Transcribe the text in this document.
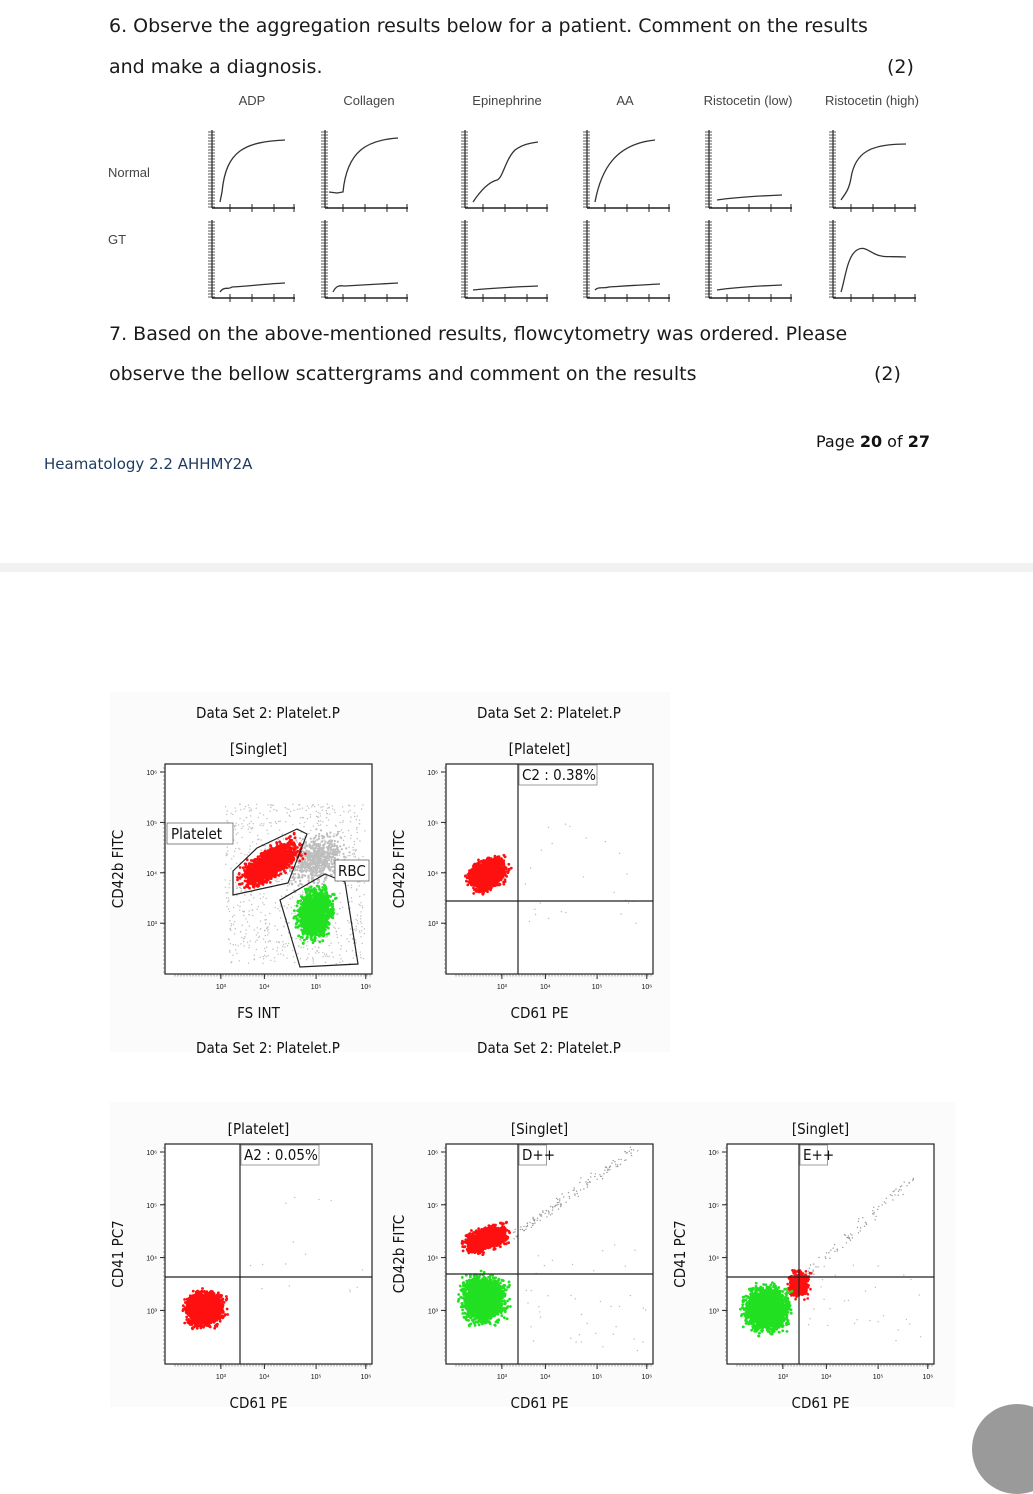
6. Observe the aggregation results below for a patient. Comment on the results
and make a diagnosis.	(2)
ADP	Collagen	Epinephrine	AA	Ristocetin (low)	Ristocetin (high)
Normal
GT
7. Based on the above-mentioned results, flowcytometry was ordered. Please
observe the bellow scattergrams and comment on the results	(2)
Page 20 of 27
Heamatology 2.2 AHHMY2A
Data Set 2: Platelet.P	Data Set 2: Platelet.P
Data Set 2: Platelet.P	Data Set 2: Platelet.P
10⁶
10⁵
10⁴
10³
10³	10⁴	10⁵	10⁶
[Singlet]
FS INT
CD42b FITC	Platelet
RBC
10⁶
10⁵
10⁴
10³
10³	10⁴	10⁵	10⁶
[Platelet]
CD61 PE
CD42b FITC
C2 : 0.38%
10⁶
10⁵
10⁴
10³
10³	10⁴	10⁵	10⁶
[Platelet]
CD61 PE
CD41 PC7
A2 : 0.05%	10⁶
10⁵
10⁴
10³
10³	10⁴	10⁵	10⁶
[Singlet]
CD61 PE
CD42b FITC
D++	10⁶
10⁵
10⁴
10³
10³	10⁴	10⁵	10⁶
[Singlet]
CD61 PE
CD41 PC7
E++
